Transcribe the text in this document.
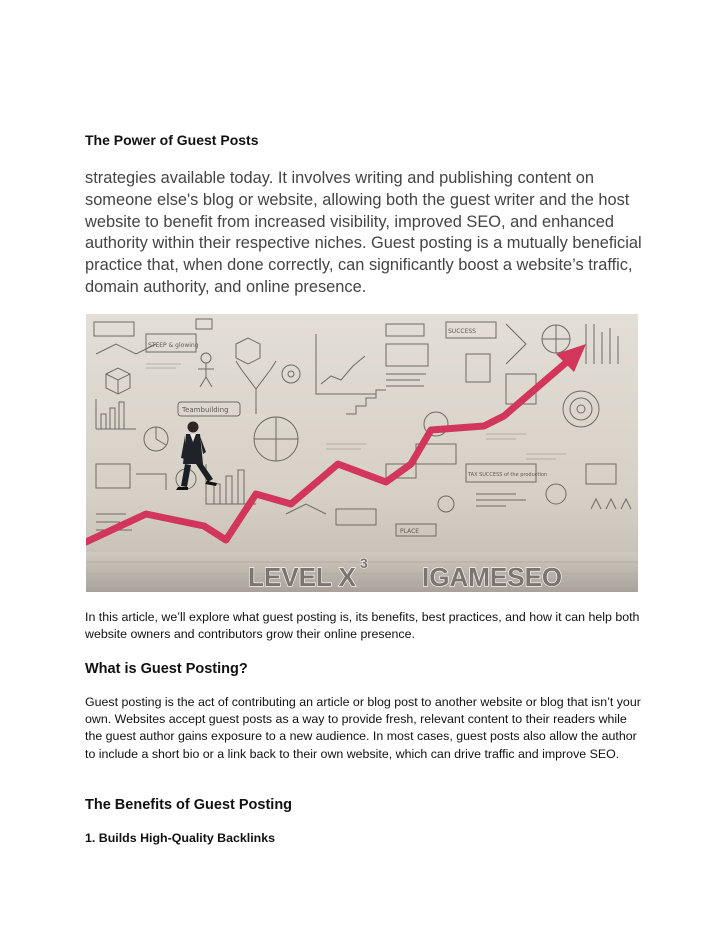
The Power of Guest Posts
strategies available today. It involves writing and publishing content on someone else's blog or website, allowing both the guest writer and the host website to benefit from increased visibility, improved SEO, and enhanced authority within their respective niches. Guest posting is a mutually beneficial practice that, when done correctly, can significantly boost a website’s traffic, domain authority, and online presence.
LEVEL X 3 IGAMESEO
STEEP & glowing
Teambuilding
SUCCESS
TAX SUCCESS of the production
PLACE
In this article, we’ll explore what guest posting is, its benefits, best practices, and how it can help both website owners and contributors grow their online presence.
What is Guest Posting?
Guest posting is the act of contributing an article or blog post to another website or blog that isn’t your own. Websites accept guest posts as a way to provide fresh, relevant content to their readers while the guest author gains exposure to a new audience. In most cases, guest posts also allow the author to include a short bio or a link back to their own website, which can drive traffic and improve SEO.
The Benefits of Guest Posting
1. Builds High-Quality Backlinks
